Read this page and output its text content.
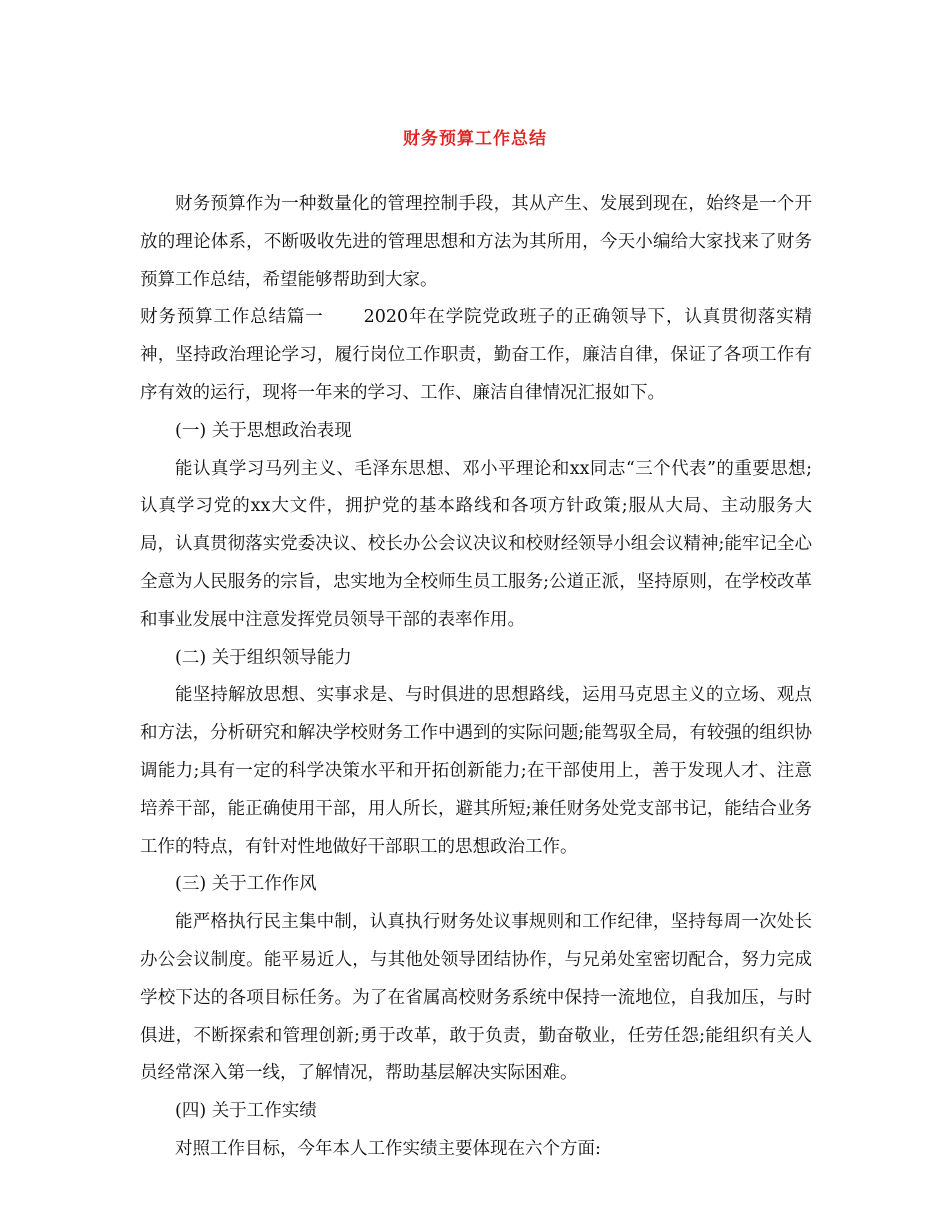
财务预算工作总结

财务预算作为一种数量化的管理控制手段，其从产生、发展到现在，始终是一个开放的理论体系，不断吸收先进的管理思想和方法为其所用，今天小编给大家找来了财务预算工作总结，希望能够帮助到大家。

财务预算工作总结篇一 2020年在学院党政班子的正确领导下，认真贯彻落实精神，坚持政治理论学习，履行岗位工作职责，勤奋工作，廉洁自律，保证了各项工作有序有效的运行，现将一年来的学习、工作、廉洁自律情况汇报如下。

(一) 关于思想政治表现

能认真学习马列主义、毛泽东思想、邓小平理论和xx同志“三个代表”的重要思想;认真学习党的xx大文件，拥护党的基本路线和各项方针政策;服从大局、主动服务大局，认真贯彻落实党委决议、校长办公会议决议和校财经领导小组会议精神;能牢记全心全意为人民服务的宗旨，忠实地为全校师生员工服务;公道正派，坚持原则，在学校改革和事业发展中注意发挥党员领导干部的表率作用。

(二) 关于组织领导能力

能坚持解放思想、实事求是、与时俱进的思想路线，运用马克思主义的立场、观点和方法，分析研究和解决学校财务工作中遇到的实际问题;能驾驭全局，有较强的组织协调能力;具有一定的科学决策水平和开拓创新能力;在干部使用上，善于发现人才、注意培养干部，能正确使用干部，用人所长，避其所短;兼任财务处党支部书记，能结合业务工作的特点，有针对性地做好干部职工的思想政治工作。

(三) 关于工作作风

能严格执行民主集中制，认真执行财务处议事规则和工作纪律，坚持每周一次处长办公会议制度。能平易近人，与其他处领导团结协作，与兄弟处室密切配合，努力完成学校下达的各项目标任务。为了在省属高校财务系统中保持一流地位，自我加压，与时俱进，不断探索和管理创新;勇于改革，敢于负责，勤奋敬业，任劳任怨;能组织有关人员经常深入第一线，了解情况，帮助基层解决实际困难。

(四) 关于工作实绩

对照工作目标，今年本人工作实绩主要体现在六个方面:
